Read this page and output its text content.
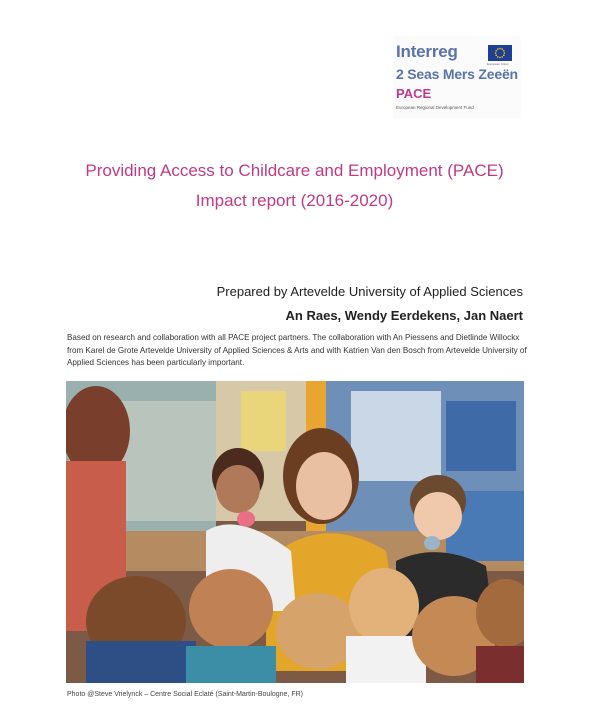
Interreg
European Union
2 Seas Mers Zeeën
PACE
European Regional Development Fund
Providing Access to Childcare and Employment (PACE)
Impact report (2016-2020)
Prepared by Artevelde University of Applied Sciences
An Raes, Wendy Eerdekens, Jan Naert
Based on research and collaboration with all PACE project partners. The collaboration with An Piessens and Dietlinde Willockx from Karel de Grote Artevelde University of Applied Sciences & Arts and with Katrien Van den Bosch from Artevelde University of Applied Sciences has been particularly important.
Photo @Steve Vrielynck – Centre Social Eclaté (Saint-Martin-Boulogne, FR)
